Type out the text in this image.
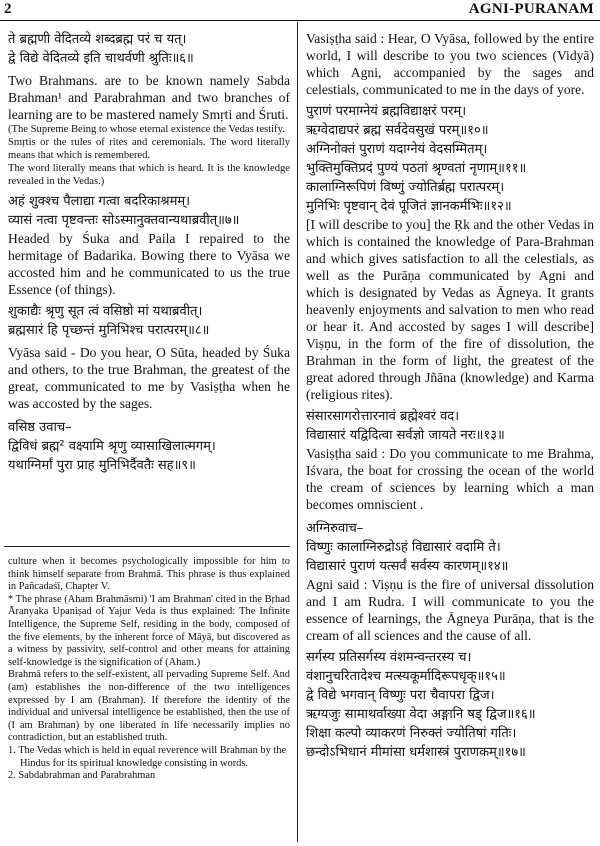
2	AGNI-PURANAM

ते ब्रह्मणी वेदितव्ये शब्दब्रह्म परं च यत्।

द्वे विद्ये वेदितव्ये इति चाथर्वणी श्रुतिः॥६॥

Two Brahmans. are to be known namely Sabda Brahman¹ and Parabrahman and two branches of learning are to be mastered namely Smṛti and Śruti.

(The Supreme Being to whose eternal existence the Vedas testify.

Smṛtis or the rules of rites and ceremonials. The word literally means that which is remembered.

The word literally means that which is heard. It is the knowledge revealed in the Vedas.)

अहं शुक्श्च पैलाद्या गत्वा बदरिकाश्रमम्।

व्यासं नत्वा पृष्टवन्तः सोऽस्मानुक्तवान्यथाब्रवीत्॥७॥

Headed by Śuka and Paila I repaired to the hermitage of Badarika. Bowing there to Vyāsa we accosted him and he communicated to us the true Essence (of things).

शुकाद्यैः श्रृणु सूत त्वं वसिष्ठो मां यथाब्रवीत्।

ब्रह्मसारं हि पृच्छन्तं मुनिभिश्च परात्परम्॥८॥

Vyāsa said - Do you hear, O Sūta, headed by Śuka and others, to the true Brahman, the greatest of the great, communicated to me by Vasiṣṭha when he was accosted by the sages.

वसिष्ठ उवाच–

द्विविधं ब्रह्म² वक्ष्यामि श्रृणु व्यासाखिलात्मगम्।

यथाग्निर्मां पुरा प्राह मुनिभिर्दैवतैः सह॥९॥

culture when it becomes psychologically impossible for him to think himself separate from Brahmā. This phrase is thus explained in Pañcadaśī, Chapter V.

* The phrase (Aham Brahmāsmi) 'I am Brahman' cited in the Bṛhad Āranyaka Upaniṣad of Yajur Veda is thus explained: The Infinite Intelligence, the Supreme Self, residing in the body, composed of the five elements, by the inherent force of Māyā, but discovered as a witness by passivity, self-control and other means for attaining self-knowledge is the signification of (Aham.)

Brahmā refers to the self-existent, all pervading Supreme Self. And (am) establishes the non-difference of the two intelligences expressed by I am (Brahman). If therefore the identity of the individual and universal intelligence be established, then the use of (I am Brahman) by one liberated in life necessarily implies no contradiction, but an established truth.

1. The Vedas which is held in equal reverence will Brahman by the Hindus for its spiritual knowledge consisting in words.

2. Sabdabrahman and Parabrahman

Vasiṣṭha said : Hear, O Vyāsa, followed by the entire world, I will describe to you two sciences (Vidyā) which Agni, accompanied by the sages and celestials, communicated to me in the days of yore.

पुराणं परमाग्नेयं ब्रह्मविद्याक्षरं परम्।

ऋग्वेदाद्यपरं ब्रह्म सर्वदेवसुखं परम्॥१०॥

अग्निनोक्तं पुराणं यदाग्नेयं वेदसम्मितम्।

भुक्तिमुक्तिप्रदं पुण्यं पठतां श्रृण्वतां नृणाम्॥११॥

कालाग्निरूपिणं विष्णुं ज्योतिर्ब्रह्म परात्परम्।

मुनिभिः पृष्टवान् देवं पूजितं ज्ञानकर्मभिः॥१२॥

[I will describe to you] the Ṛk and the other Vedas in which is contained the knowledge of Para-Brahman and which gives satisfaction to all the celestials, as well as the Purāṇa communicated by Agni and which is designated by Vedas as Āgneya. It grants heavenly enjoyments and salvation to men who read or hear it. And accosted by sages I will describe] Viṣṇu, in the form of the fire of dissolution, the Brahman in the form of light, the greatest of the great adored through Jñāna (knowledge) and Karma (religious rites).

संसारसागरोत्तारनावं ब्रह्मेश्वरं वद।

विद्यासारं यद्विदित्वा सर्वज्ञो जायते नरः॥१३॥

Vasiṣṭha said : Do you communicate to me Brahma, Iśvara, the boat for crossing the ocean of the world the cream of sciences by learning which a man becomes omniscient .

अग्निरुवाच–

विष्णुः कालाग्निरुद्रोऽहं विद्यासारं वदामि ते।

विद्यासारं पुराणं यत्सर्वं सर्वस्य कारणम्॥१४॥

Agni said : Viṣṇu is the fire of universal dissolution and I am Rudra. I will communicate to you the essence of learnings, the Āgneya Purāṇa, that is the cream of all sciences and the cause of all.

सर्गस्य प्रतिसर्गस्य वंशमन्वन्तरस्य च।

वंशानुचरितादेश्च मत्स्यकूर्मादिरूपधृक्॥१५॥

द्वे विद्ये भगवान् विष्णुः परा चैवापरा द्विज।

ऋग्यजुः सामाथर्वाख्या वेदा अङ्गानि षड् द्विज॥१६॥

शिक्षा कल्पो व्याकरणं निरुक्तं ज्योतिषां गतिः।

छन्दोऽभिधानं मीमांसा धर्मशास्त्रं पुराणकम्॥१७॥
